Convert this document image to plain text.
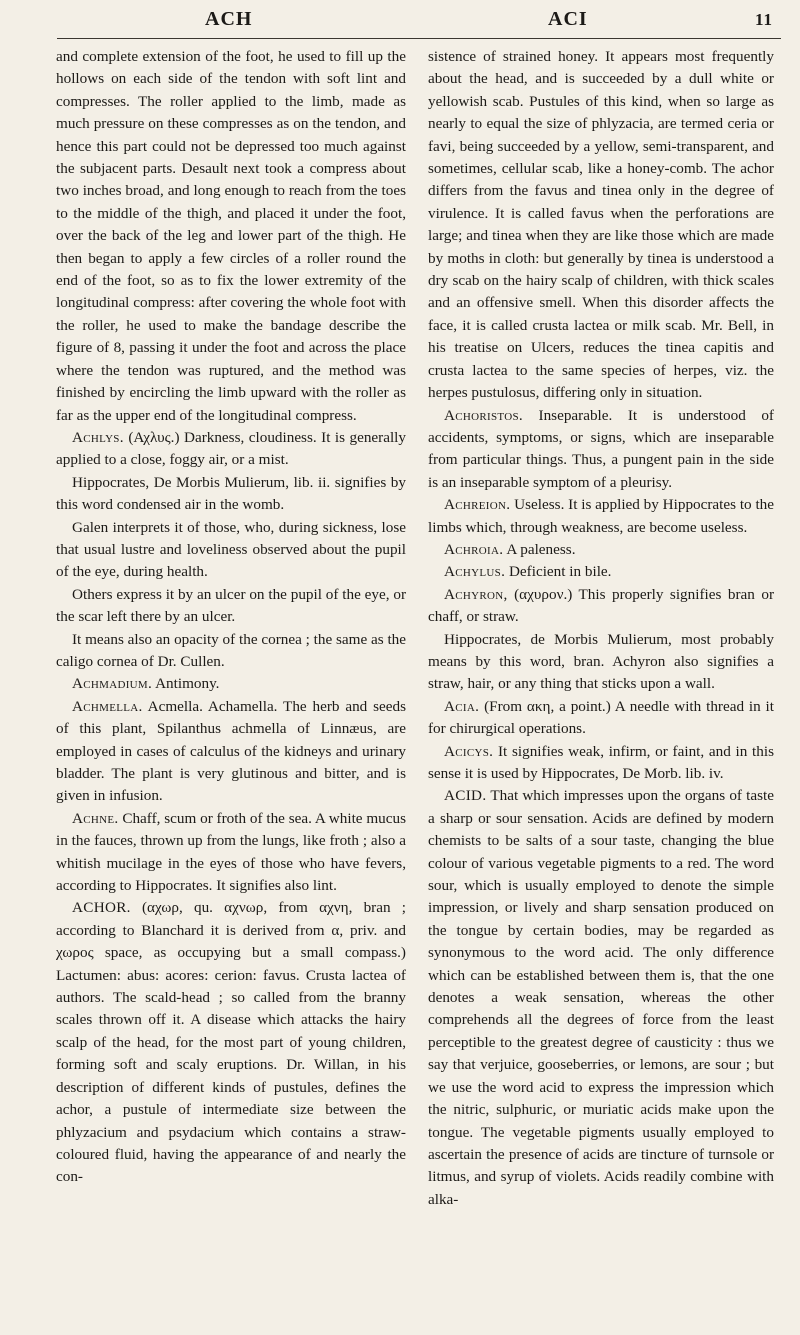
ACH	ACI	11

and complete extension of the foot, he used to fill up the hollows on each side of the tendon with soft lint and compresses. The roller applied to the limb, made as much pressure on these compresses as on the tendon, and hence this part could not be depressed too much against the subjacent parts. Desault next took a compress about two inches broad, and long enough to reach from the toes to the middle of the thigh, and placed it under the foot, over the back of the leg and lower part of the thigh. He then began to apply a few circles of a roller round the end of the foot, so as to fix the lower extremity of the longitudinal compress: after covering the whole foot with the roller, he used to make the bandage describe the figure of 8, passing it under the foot and across the place where the tendon was ruptured, and the method was finished by encircling the limb upward with the roller as far as the upper end of the longitudinal compress.

Achlys. (Αχλυς.) Darkness, cloudiness. It is generally applied to a close, foggy air, or a mist.

Hippocrates, De Morbis Mulierum, lib. ii. signifies by this word condensed air in the womb.

Galen interprets it of those, who, during sickness, lose that usual lustre and loveliness observed about the pupil of the eye, during health.

Others express it by an ulcer on the pupil of the eye, or the scar left there by an ulcer.

It means also an opacity of the cornea ; the same as the caligo cornea of Dr. Cullen.

Achmadium. Antimony.

Achmella. Acmella. Achamella. The herb and seeds of this plant, Spilanthus achmella of Linnæus, are employed in cases of calculus of the kidneys and urinary bladder. The plant is very glutinous and bitter, and is given in infusion.

Achne. Chaff, scum or froth of the sea. A white mucus in the fauces, thrown up from the lungs, like froth ; also a whitish mucilage in the eyes of those who have fevers, according to Hippocrates. It signifies also lint.

ACHOR. (αχωρ, qu. αχνωρ, from αχνη, bran ; according to Blanchard it is derived from α, priv. and χωρος space, as occupying but a small compass.) Lactumen: abus: acores: cerion: favus. Crusta lactea of authors. The scald-head ; so called from the branny scales thrown off it. A disease which attacks the hairy scalp of the head, for the most part of young children, forming soft and scaly eruptions. Dr. Willan, in his description of different kinds of pustules, defines the achor, a pustule of intermediate size between the phlyzacium and psydacium which contains a straw-coloured fluid, having the appearance of and nearly the con-

sistence of strained honey. It appears most frequently about the head, and is succeeded by a dull white or yellowish scab. Pustules of this kind, when so large as nearly to equal the size of phlyzacia, are termed ceria or favi, being succeeded by a yellow, semi-transparent, and sometimes, cellular scab, like a honey-comb. The achor differs from the favus and tinea only in the degree of virulence. It is called favus when the perforations are large; and tinea when they are like those which are made by moths in cloth: but generally by tinea is understood a dry scab on the hairy scalp of children, with thick scales and an offensive smell. When this disorder affects the face, it is called crusta lactea or milk scab. Mr. Bell, in his treatise on Ulcers, reduces the tinea capitis and crusta lactea to the same species of herpes, viz. the herpes pustulosus, differing only in situation.

Achoristos. Inseparable. It is understood of accidents, symptoms, or signs, which are inseparable from particular things. Thus, a pungent pain in the side is an inseparable symptom of a pleurisy.

Achreion. Useless. It is applied by Hippocrates to the limbs which, through weakness, are become useless.

Achroia. A paleness.

Achylus. Deficient in bile.

Achyron, (αχυρον.) This properly signifies bran or chaff, or straw.

Hippocrates, de Morbis Mulierum, most probably means by this word, bran. Achyron also signifies a straw, hair, or any thing that sticks upon a wall.

Acia. (From ακη, a point.) A needle with thread in it for chirurgical operations.

Acicys. It signifies weak, infirm, or faint, and in this sense it is used by Hippocrates, De Morb. lib. iv.

ACID. That which impresses upon the organs of taste a sharp or sour sensation. Acids are defined by modern chemists to be salts of a sour taste, changing the blue colour of various vegetable pigments to a red. The word sour, which is usually employed to denote the simple impression, or lively and sharp sensation produced on the tongue by certain bodies, may be regarded as synonymous to the word acid. The only difference which can be established between them is, that the one denotes a weak sensation, whereas the other comprehends all the degrees of force from the least perceptible to the greatest degree of causticity : thus we say that verjuice, gooseberries, or lemons, are sour ; but we use the word acid to express the impression which the nitric, sulphuric, or muriatic acids make upon the tongue. The vegetable pigments usually employed to ascertain the presence of acids are tincture of turnsole or litmus, and syrup of violets. Acids readily combine with alka-
